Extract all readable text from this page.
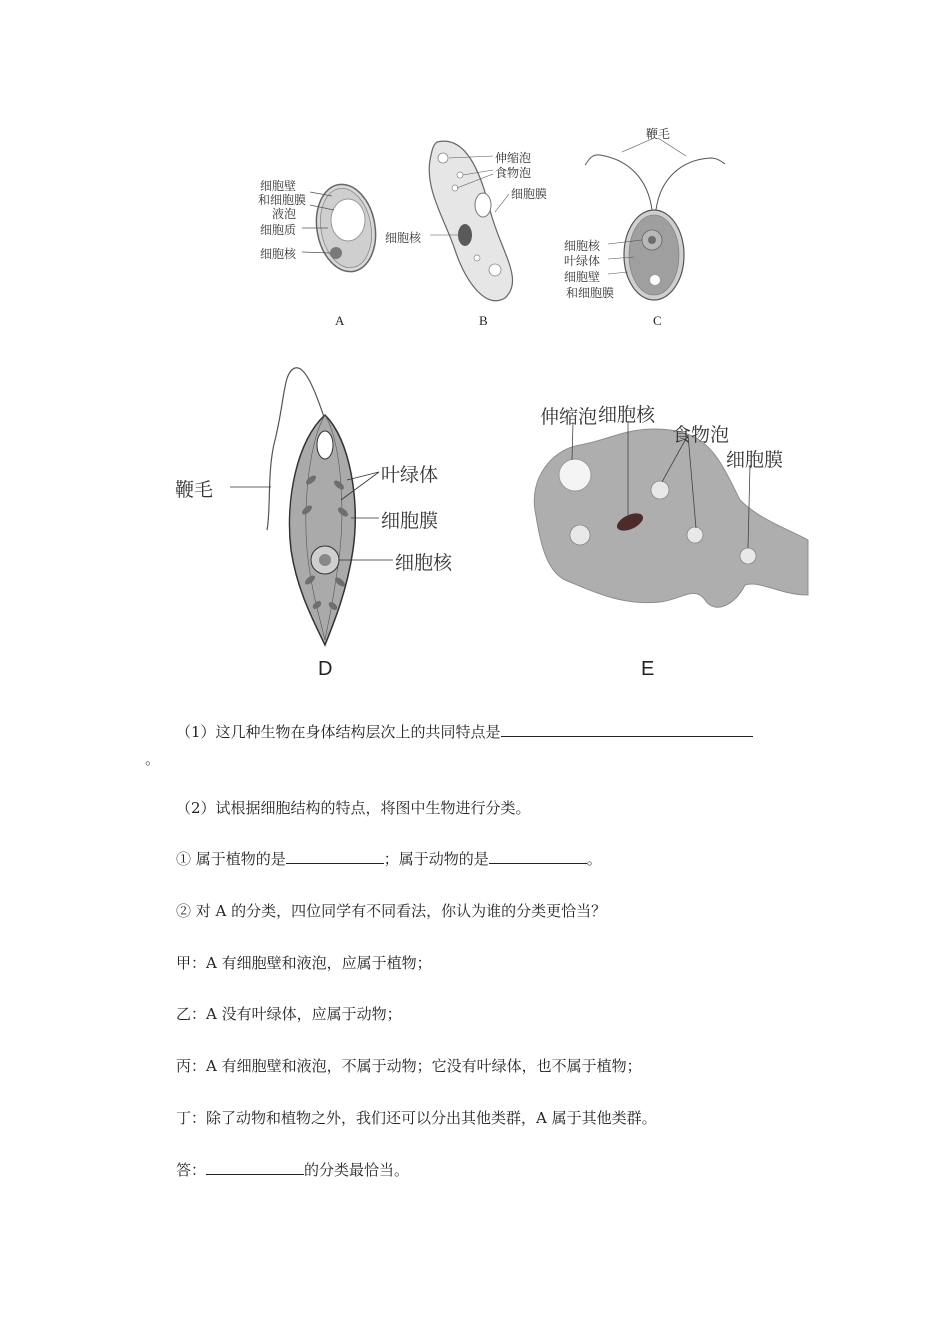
细胞壁
和细胞膜
液泡
细胞质
细胞核
A
伸缩泡
食物泡
细胞膜
细胞核
B
鞭毛
细胞核
叶绿体
细胞壁
和细胞膜
C
鞭毛
叶绿体
细胞膜
细胞核
D
伸缩泡 细胞核
食物泡
细胞膜
E
（1）这几种生物在身体结构层次上的共同特点是
。
（2）试根据细胞结构的特点，将图中生物进行分类。
① 属于植物的是	；属于动物的是	。
② 对 A 的分类，四位同学有不同看法，你认为谁的分类更恰当？
甲：A 有细胞壁和液泡，应属于植物；
乙：A 没有叶绿体，应属于动物；
丙：A 有细胞壁和液泡，不属于动物；它没有叶绿体，也不属于植物；
丁：除了动物和植物之外，我们还可以分出其他类群，A 属于其他类群。
答：	的分类最恰当。
